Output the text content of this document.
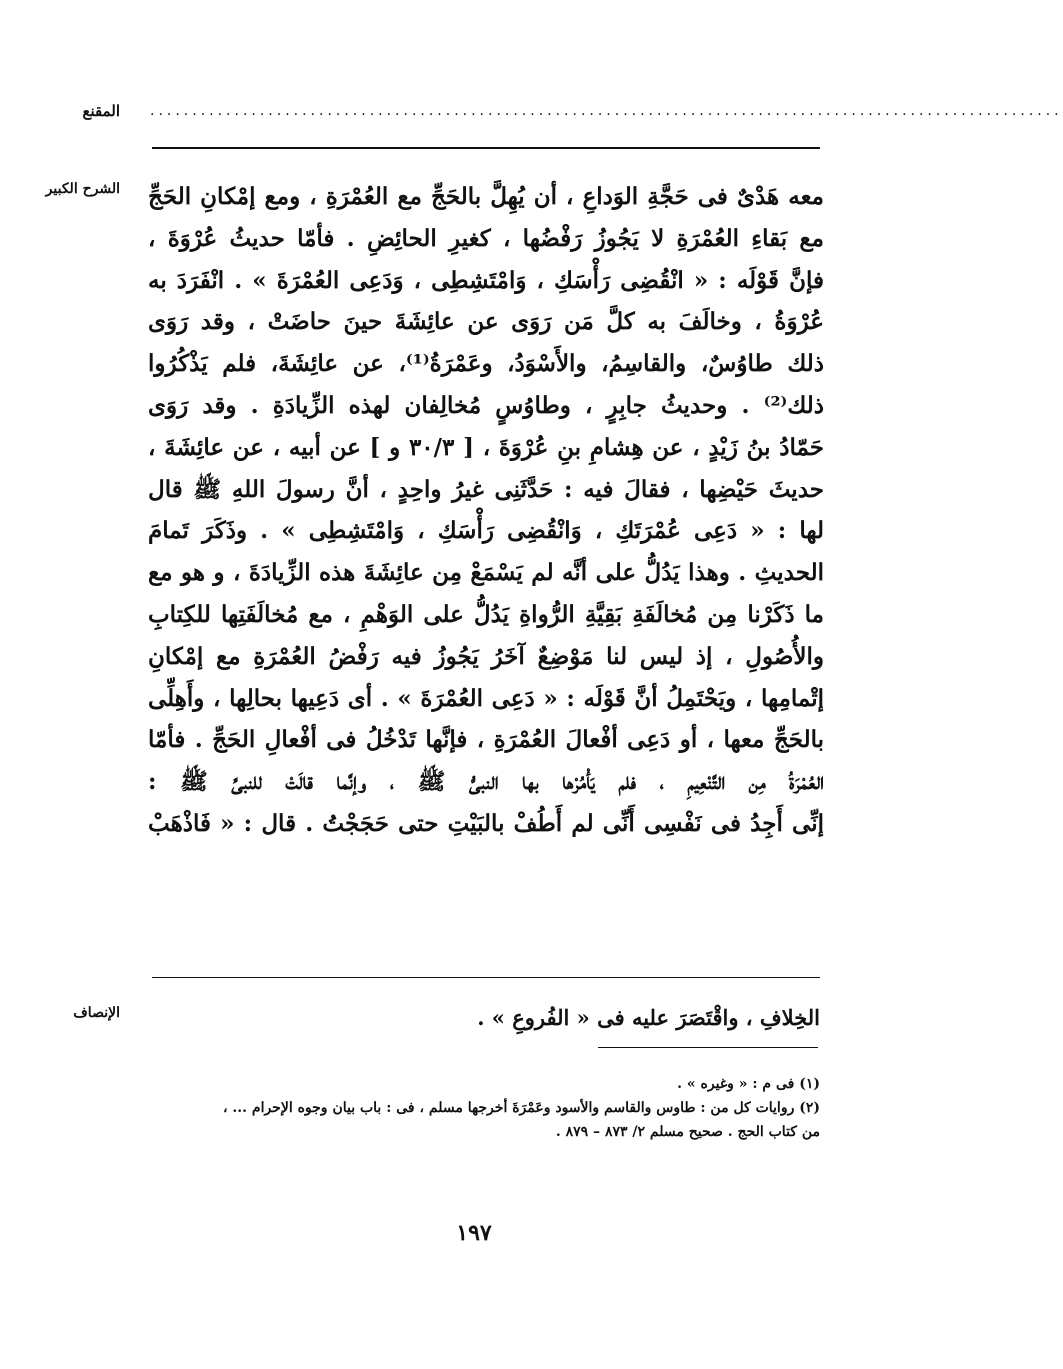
المقنع ............................................................................................................
الشرح الكبير معه هَدْىٌ فى حَجَّةِ الوَداعِ ، أن يُهِلَّ بالحَجِّ مع العُمْرَةِ ، ومع إمْكانِ الحَجِّ
مع بَقاءِ العُمْرَةِ لا يَجُوزُ رَفْضُها ، كغيرِ الحائِضِ . فأمّا حديثُ عُرْوَةَ ،
فإنَّ قَوْلَه : « انْقُضِى رَأْسَكِ ، وَامْتَشِطِى ، وَدَعِى العُمْرَةَ » . انْفَرَدَ به
عُرْوَةُ ، وخالَفَ به كلَّ مَن رَوَى عن عائِشَةَ حينَ حاضَتْ ، وقد رَوَى
ذلك طاوُسٌ، والقاسِمُ، والأَسْوَدُ، وعَمْرَةُ⁽¹⁾، عن عائِشَةَ، فلم يَذْكُرُوا
ذلك⁽²⁾ . وحديثُ جابِرٍ ، وطاوُسٍ مُخالِفان لهذه الزِّيادَةِ . وقد رَوَى
حَمّادُ بنُ زَيْدٍ ، عن هِشامِ بنِ عُرْوَةَ ، [ ٣٠/٣ و ] عن أبيه ، عن عائِشَةَ ،
حديثَ حَيْضِها ، فقالَ فيه : حَدَّثَنِى غيرُ واحِدٍ ، أنَّ رسولَ اللهِ ﷺ قال
لها : « دَعِى عُمْرَتَكِ ، وَانْقُضِى رَأْسَكِ ، وَامْتَشِطِى » . وذَكَرَ تَمامَ
الحديثِ . وهذا يَدُلُّ على أنَّه لم يَسْمَعْ مِن عائِشَةَ هذه الزِّيادَةَ ، و هو مع
ما ذَكَرْنا مِن مُخالَفَةِ بَقِيَّةِ الرُّواةِ يَدُلُّ على الوَهْمِ ، مع مُخالَفَتِها للكِتابِ
والأُصُولِ ، إذ ليس لنا مَوْضِعٌ آخَرُ يَجُوزُ فيه رَفْضُ العُمْرَةِ مع إمْكانِ
إتْمامِها ، ويَحْتَمِلُ أنَّ قَوْلَه : « دَعِى العُمْرَةَ » . أى دَعِيها بحالِها ، وأَهِلِّى
بالحَجِّ معها ، أو دَعِى أفْعالَ العُمْرَةِ ، فإنَّها تَدْخُلُ فى أفْعالِ الحَجِّ . فأمّا
العُمْرَةُ مِن التَّنْعِيمِ ، فلم يَأْمُرْها بها النبىُّ ﷺ ، وإنَّما قالَتْ للنبىِّ ﷺ :
إنِّى أَجِدُ فى نَفْسِى أَنِّى لم أَطُفْ بالبَيْتِ حتى حَجَجْتُ . قال : « فَاذْهَبْ
الإنصاف	الخِلافِ ، واقْتَصَرَ عليه فى « الفُروعِ » .
(١) فى م : « وغيره » .
(٢) روايات كل من : طاوس والقاسم والأسود وعَمْرَةَ أخرجها مسلم ، فى : باب بيان وجوه الإحرام ... ،
من كتاب الحج . صحيح مسلم ٢/ ٨٧٣ – ٨٧٩ .
١٩٧
